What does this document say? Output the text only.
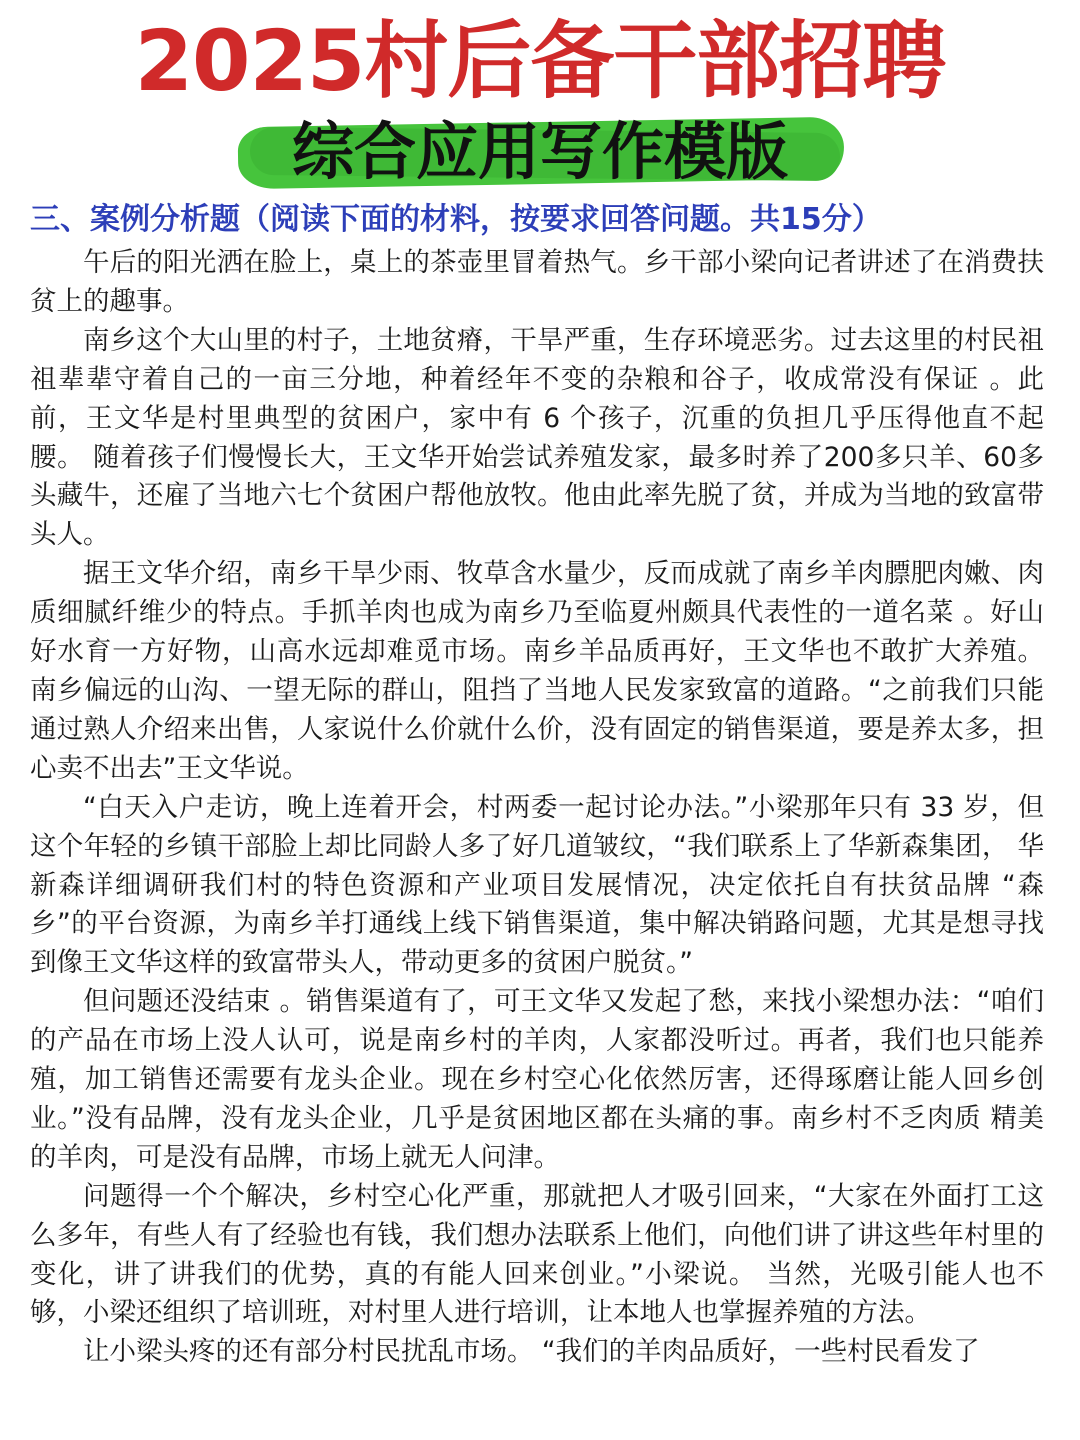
2025村后备干部招聘
综合应用写作模版
三、案例分析题（阅读下面的材料，按要求回答问题。共15分）

午后的阳光洒在脸上，桌上的茶壶里冒着热气。乡干部小梁向记者讲述了在消费扶贫上的趣事。

南乡这个大山里的村子，土地贫瘠，干旱严重，生存环境恶劣。过去这里的村民祖祖辈辈守着自己的一亩三分地，种着经年不变的杂粮和谷子，收成常没有保证 。此前，王文华是村里典型的贫困户，家中有 6 个孩子，沉重的负担几乎压得他直不起腰。 随着孩子们慢慢长大，王文华开始尝试养殖发家，最多时养了200多只羊、60多头藏牛，还雇了当地六七个贫困户帮他放牧。他由此率先脱了贫，并成为当地的致富带头人。

据王文华介绍，南乡干旱少雨、牧草含水量少，反而成就了南乡羊肉膘肥肉嫩、肉质细腻纤维少的特点。手抓羊肉也成为南乡乃至临夏州颇具代表性的一道名菜 。好山好水育一方好物，山高水远却难觅市场。南乡羊品质再好，王文华也不敢扩大养殖。 南乡偏远的山沟、一望无际的群山，阻挡了当地人民发家致富的道路。“之前我们只能通过熟人介绍来出售，人家说什么价就什么价，没有固定的销售渠道，要是养太多，担心卖不出去”王文华说。

“白天入户走访，晚上连着开会，村两委一起讨论办法。”小梁那年只有 33 岁，但这个年轻的乡镇干部脸上却比同龄人多了好几道皱纹，“我们联系上了华新森集团， 华新森详细调研我们村的特色资源和产业项目发展情况，决定依托自有扶贫品牌 “森乡”的平台资源，为南乡羊打通线上线下销售渠道，集中解决销路问题，尤其是想寻找到像王文华这样的致富带头人，带动更多的贫困户脱贫。”

但问题还没结束 。销售渠道有了，可王文华又发起了愁，来找小梁想办法：“咱们的产品在市场上没人认可，说是南乡村的羊肉，人家都没听过。再者，我们也只能养殖，加工销售还需要有龙头企业。现在乡村空心化依然厉害，还得琢磨让能人回乡创业。”没有品牌，没有龙头企业，几乎是贫困地区都在头痛的事。南乡村不乏肉质 精美的羊肉，可是没有品牌，市场上就无人问津。

问题得一个个解决，乡村空心化严重，那就把人才吸引回来，“大家在外面打工这么多年，有些人有了经验也有钱，我们想办法联系上他们，向他们讲了讲这些年村里的变化，讲了讲我们的优势，真的有能人回来创业。”小梁说。 当然，光吸引能人也不够，小梁还组织了培训班，对村里人进行培训，让本地人也掌握养殖的方法。

让小梁头疼的还有部分村民扰乱市场。 “我们的羊肉品质好，一些村民看发了
